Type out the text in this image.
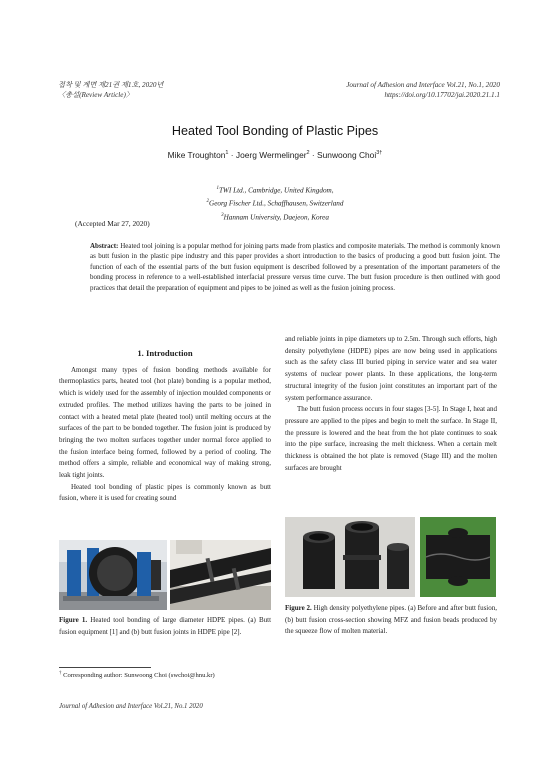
접착 및 계면 제21권 제1호, 2020년
〈총설(Review Article)〉
Journal of Adhesion and Interface Vol.21, No.1, 2020
https://doi.org/10.17702/jai.2020.21.1.1
Heated Tool Bonding of Plastic Pipes
Mike Troughton$^1$ · Joerg Wermelinger$^2$ · Sunwoong Choi$^{3\dagger}$
$^1$TWI Ltd., Cambridge, United Kingdom,
$^2$Georg Fischer Ltd., Schaffhausen, Switzerland
$^3$Hannam University, Daejeon, Korea
(Accepted Mar 27, 2020)
Abstract: Heated tool joining is a popular method for joining parts made from plastics and composite materials. The method is commonly known as butt fusion in the plastic pipe industry and this paper provides a short introduction to the basics of producing a good butt fusion joint. The function of each of the essential parts of the butt fusion equipment is described followed by a presentation of the important parameters of the bonding process in reference to a well-established interfacial pressure versus time curve. The butt fusion procedure is then outlined with good practices that detail the preparation of equipment and pipes to be joined as well as the fusion joining process.
1. Introduction

Amongst many types of fusion bonding methods available for thermoplastics parts, heated tool (hot plate) bonding is a popular method, which is widely used for the assembly of injection moulded components or extruded profiles. The method utilizes having the parts to be joined in contact with a heated metal plate (heated tool) until melting occurs at the surfaces of the part to be bonded together. The fusion joint is produced by bringing the two molten surfaces together under normal force applied to the fusion interface being formed, followed by a period of cooling. The method offers a simple, reliable and economical way of making strong, leak tight joints.

Heated tool bonding of plastic pipes is commonly known as butt fusion, where it is used for creating sound

and reliable joints in pipe diameters up to 2.5m. Through such efforts, high density polyethylene (HDPE) pipes are now being used in applications such as the safety class III buried piping in service water and sea water systems of nuclear power plants. In these applications, the long-term structural integrity of the fusion joint constitutes an important part of the system performance assurance.

The butt fusion process occurs in four stages [3-5]. In Stage I, heat and pressure are applied to the pipes and begin to melt the surface. In Stage II, the pressure is lowered and the heat from the hot plate continues to soak into the pipe surface, increasing the melt thickness. When a certain melt thickness is obtained the hot plate is removed (Stage III) and the molten surfaces are brought

Figure 1. Heated tool bonding of large diameter HDPE pipes. (a) Butt fusion equipment [1] and (b) butt fusion joints in HDPE pipe [2].
Figure 2. High density polyethylene pipes. (a) Before and after butt fusion, (b) butt fusion cross-section showing MFZ and fusion beads produced by the squeeze flow of molten material.
† Corresponding author: Sunwoong Choi (swchoi@hnu.kr)
Journal of Adhesion and Interface Vol.21, No.1 2020
